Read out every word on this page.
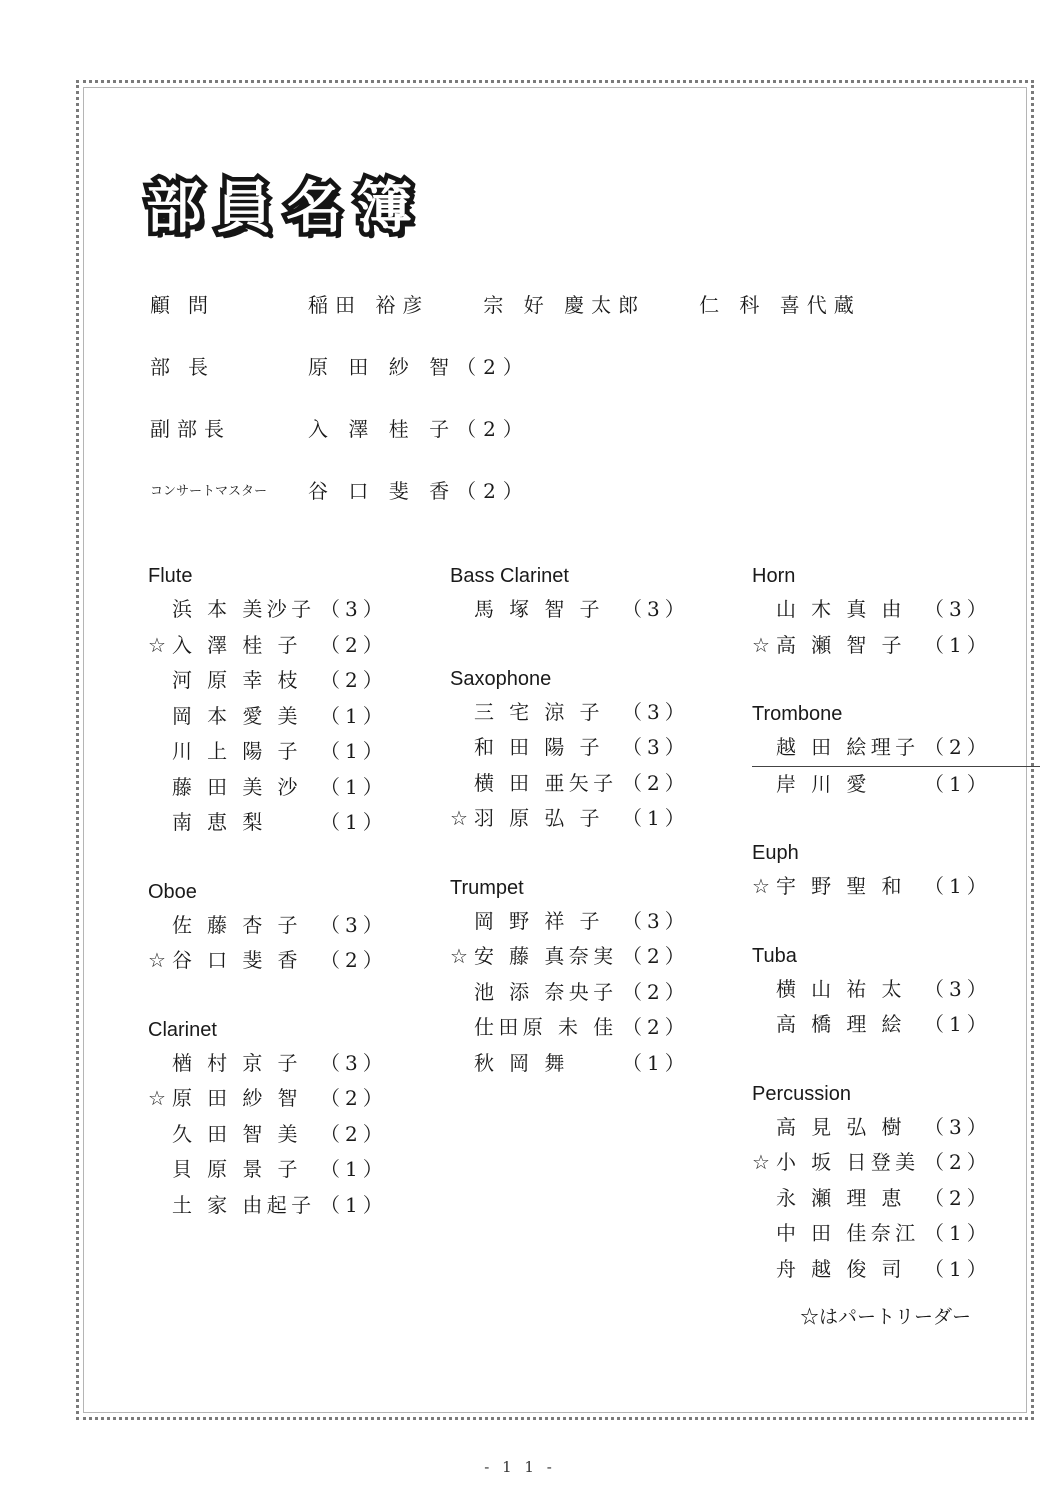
部員名簿
顧問	稲田 裕彦	宗 好 慶太郎	仁 科 喜代蔵
部長	原 田 紗 智（2）
副部長	入 澤 桂 子（2）
コンサートマスター	谷 口 斐 香（2）
Flute
浜 本 美沙子 （3）
☆ 入 澤 桂 子 （2）
河 原 幸 枝 （2）
岡 本 愛 美 （1）
川 上 陽 子 （1）
藤 田 美 沙 （1）
南 恵 梨	（1）
Oboe
佐 藤 杏 子 （3）
☆ 谷 口 斐 香 （2）
Clarinet
楢 村 京 子 （3）
☆ 原 田 紗 智 （2）
久 田 智 美 （2）
貝 原 景 子 （1）
土 家 由起子 （1）
Bass Clarinet
馬 塚 智 子 （3）
Saxophone
三 宅 涼 子 （3）
和 田 陽 子 （3）
横 田 亜矢子 （2）
☆ 羽 原 弘 子 （1）
Trumpet
岡 野 祥 子 （3）
☆ 安 藤 真奈実 （2）
池 添 奈央子 （2）
仕田原 未 佳 （2）
秋 岡 舞	（1）
Horn
山 木 真 由 （3）
☆ 高 瀬 智 子 （1）
Trombone
越 田 絵理子 （2）
岸 川 愛	（1）
Euph
☆ 宇 野 聖 和 （1）
Tuba
横 山 祐 太 （3）
高 橋 理 絵 （1）
Percussion
高 見 弘 樹 （3）
☆ 小 坂 日登美 （2）
永 瀬 理 恵 （2）
中 田 佳奈江 （1）
舟 越 俊 司 （1）
☆はパートリーダー
- 1 1 -
